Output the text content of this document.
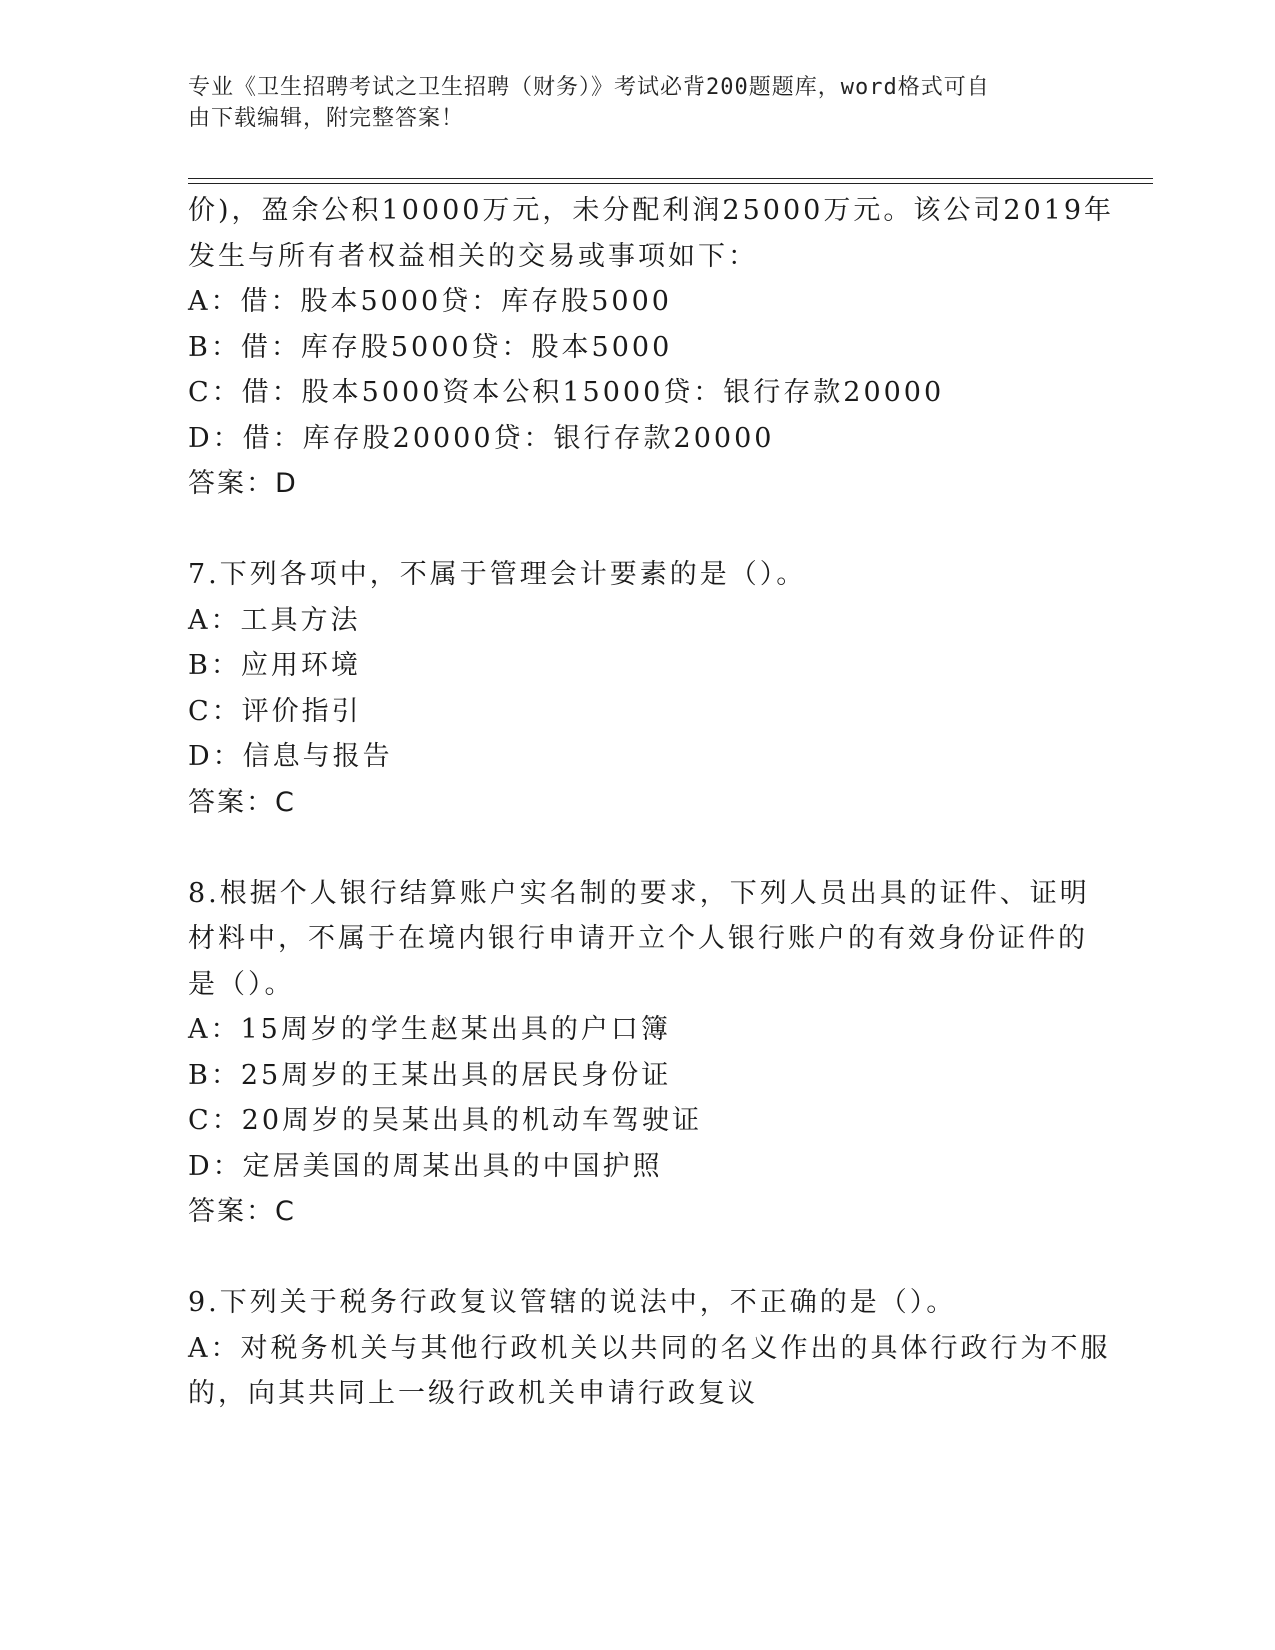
专业《卫生招聘考试之卫生招聘（财务）》考试必背200题题库，word格式可自
由下载编辑，附完整答案！
价)，盈余公积10000万元，未分配利润25000万元。该公司2019年
发生与所有者权益相关的交易或事项如下：
A：借：股本5000贷：库存股5000
B：借：库存股5000贷：股本5000
C：借：股本5000资本公积15000贷：银行存款20000
D：借：库存股20000贷：银行存款20000
答案：D
7.下列各项中，不属于管理会计要素的是（）。
A：工具方法
B：应用环境
C：评价指引
D：信息与报告
答案：C
8.根据个人银行结算账户实名制的要求，下列人员出具的证件、证明
材料中，不属于在境内银行申请开立个人银行账户的有效身份证件的
是（）。
A：15周岁的学生赵某出具的户口簿
B：25周岁的王某出具的居民身份证
C：20周岁的吴某出具的机动车驾驶证
D：定居美国的周某出具的中国护照
答案：C
9.下列关于税务行政复议管辖的说法中，不正确的是（）。
A：对税务机关与其他行政机关以共同的名义作出的具体行政行为不服
的，向其共同上一级行政机关申请行政复议
